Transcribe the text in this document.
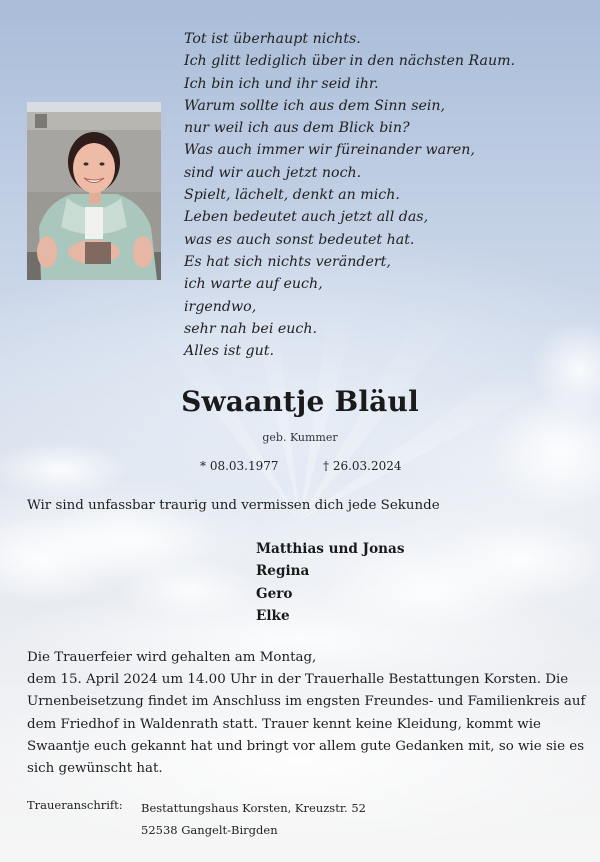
Tot ist überhaupt nichts.
Ich glitt lediglich über in den nächsten Raum.
Ich bin ich und ihr seid ihr.
Warum sollte ich aus dem Sinn sein,
nur weil ich aus dem Blick bin?
Was auch immer wir füreinander waren,
sind wir auch jetzt noch.
Spielt, lächelt, denkt an mich.
Leben bedeutet auch jetzt all das,
was es auch sonst bedeutet hat.
Es hat sich nichts verändert,
ich warte auf euch,
irgendwo,
sehr nah bei euch.
Alles ist gut.
Swaantje Bläul
geb. Kummer
* 08.03.1977	† 26.03.2024
Wir sind unfassbar traurig und vermissen dich jede Sekunde
Matthias und Jonas
Regina
Gero
Elke
Die Trauerfeier wird gehalten am Montag,
dem 15. April 2024 um 14.00 Uhr in der Trauerhalle Bestattungen Korsten. Die
Urnenbeisetzung findet im Anschluss im engsten Freundes- und Familienkreis auf
dem Friedhof in Waldenrath statt. Trauer kennt keine Kleidung, kommt wie
Swaantje euch gekannt hat und bringt vor allem gute Gedanken mit, so wie sie es
sich gewünscht hat.
Traueranschrift: Bestattungshaus Korsten, Kreuzstr. 52
52538 Gangelt-Birgden
